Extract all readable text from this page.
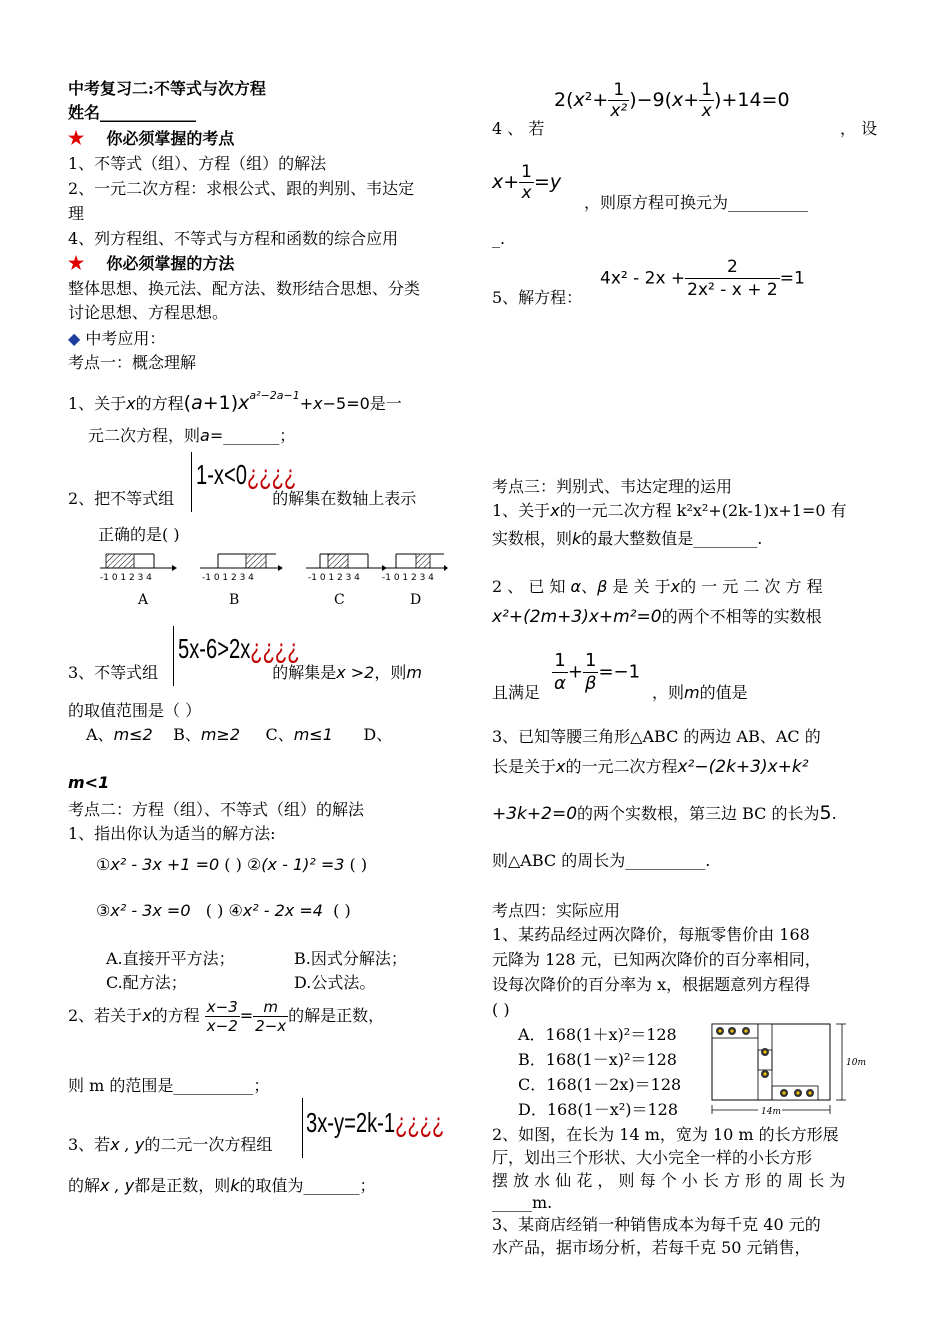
中考复习二:不等式与次方程
姓名____________
★ 你必须掌握的考点
1、不等式（组）、方程（组）的解法
2、一元二次方程：求根公式、跟的判别、韦达定
理
4、列方程组、不等式与方程和函数的综合应用
★ 你必须掌握的方法
整体思想、换元法、配方法、数形结合思想、分类
讨论思想、方程思想。
◆ 中考应用：
考点一：概念理解
1、关于x的方程$(a+1)x^{a^2-2a-1}+x-5=0$是一
元二次方程，则a=_______；
1-x<0¿¿¿¿
2、把不等式组	的解集在数轴上表示
正确的是( )
-1 0 1 2 3 4	-1 0 1 2 3 4	-1 0 1 2 3 4 -1 0 1 2 3 4
A	B	C	D
5x-6>2x¿¿¿¿
3、不等式组	的解集是x >2，则m
的取值范围是（ ）
A、m≤2 B、m≥2 C、m≤1 D、
m<1
考点二：方程（组）、不等式（组）的解法
1、指出你认为适当的解方法:
①x² - 3x +1 =0 ( ) ②(x - 1)² =3 ( )
③x² - 3x =0 ( ) ④x² - 2x =4 ( )
A.直接开平方法；	B.因式分解法；
C.配方法；	D.公式法。
2、若关于x的方程 $\frac{x-3}{x-2} = \frac{m}{2-x}$ 的解是正数，
则 m 的范围是__________；
3x-y=2k-1¿¿¿¿
3、若x , y的二元一次方程组
的解x , y都是正数，则k的取值为_______；
$2(x^2+ \frac{1}{\text{x²}} )-9(x+ \frac{1}{x} )+14=0$
4 、 若	， 设
$x+ \frac{1}{x} =y$
，则原方程可换元为__________
_.
$4x^2 - 2x + \frac{2}{\text{2x² - x + 2}} =1$
5、解方程：
考点三：判别式、韦达定理的运用
1、关于x的一元二次方程 k²x²+(2k-1)x+1=0 有
实数根，则k的最大整数值是________.
2 、 已 知 α、β 是 关 于x的 一 元 二 次 方 程
x²+(2m+3)x+m²=0的两个不相等的实数根
$\frac{1}{\alpha} + \frac{1}{\beta} =-1$
且满足	，则m的值是
3、已知等腰三角形△ABC 的两边 AB、AC 的
长是关于x的一元二次方程x²−(2k+3)x+k²
+3k+2=0的两个实数根，第三边 BC 的长为5.
则△ABC 的周长为__________.
考点四：实际应用
1、某药品经过两次降价，每瓶零售价由 168
元降为 128 元，已知两次降价的百分率相同，
设每次降价的百分率为 x，根据题意列方程得
( )
A．168(1＋x)²＝128
B．168(1－x)²＝128
C．168(1－2x)＝128
D．168(1－x²)＝128
10m
14m
2、如图，在长为 14 m，宽为 10 m 的长方形展
厅，划出三个形状、大小完全一样的小长方形
摆 放 水 仙 花 ， 则 每 个 小 长 方 形 的 周 长 为
_____m.
3、某商店经销一种销售成本为每千克 40 元的
水产品，据市场分析，若每千克 50 元销售，
